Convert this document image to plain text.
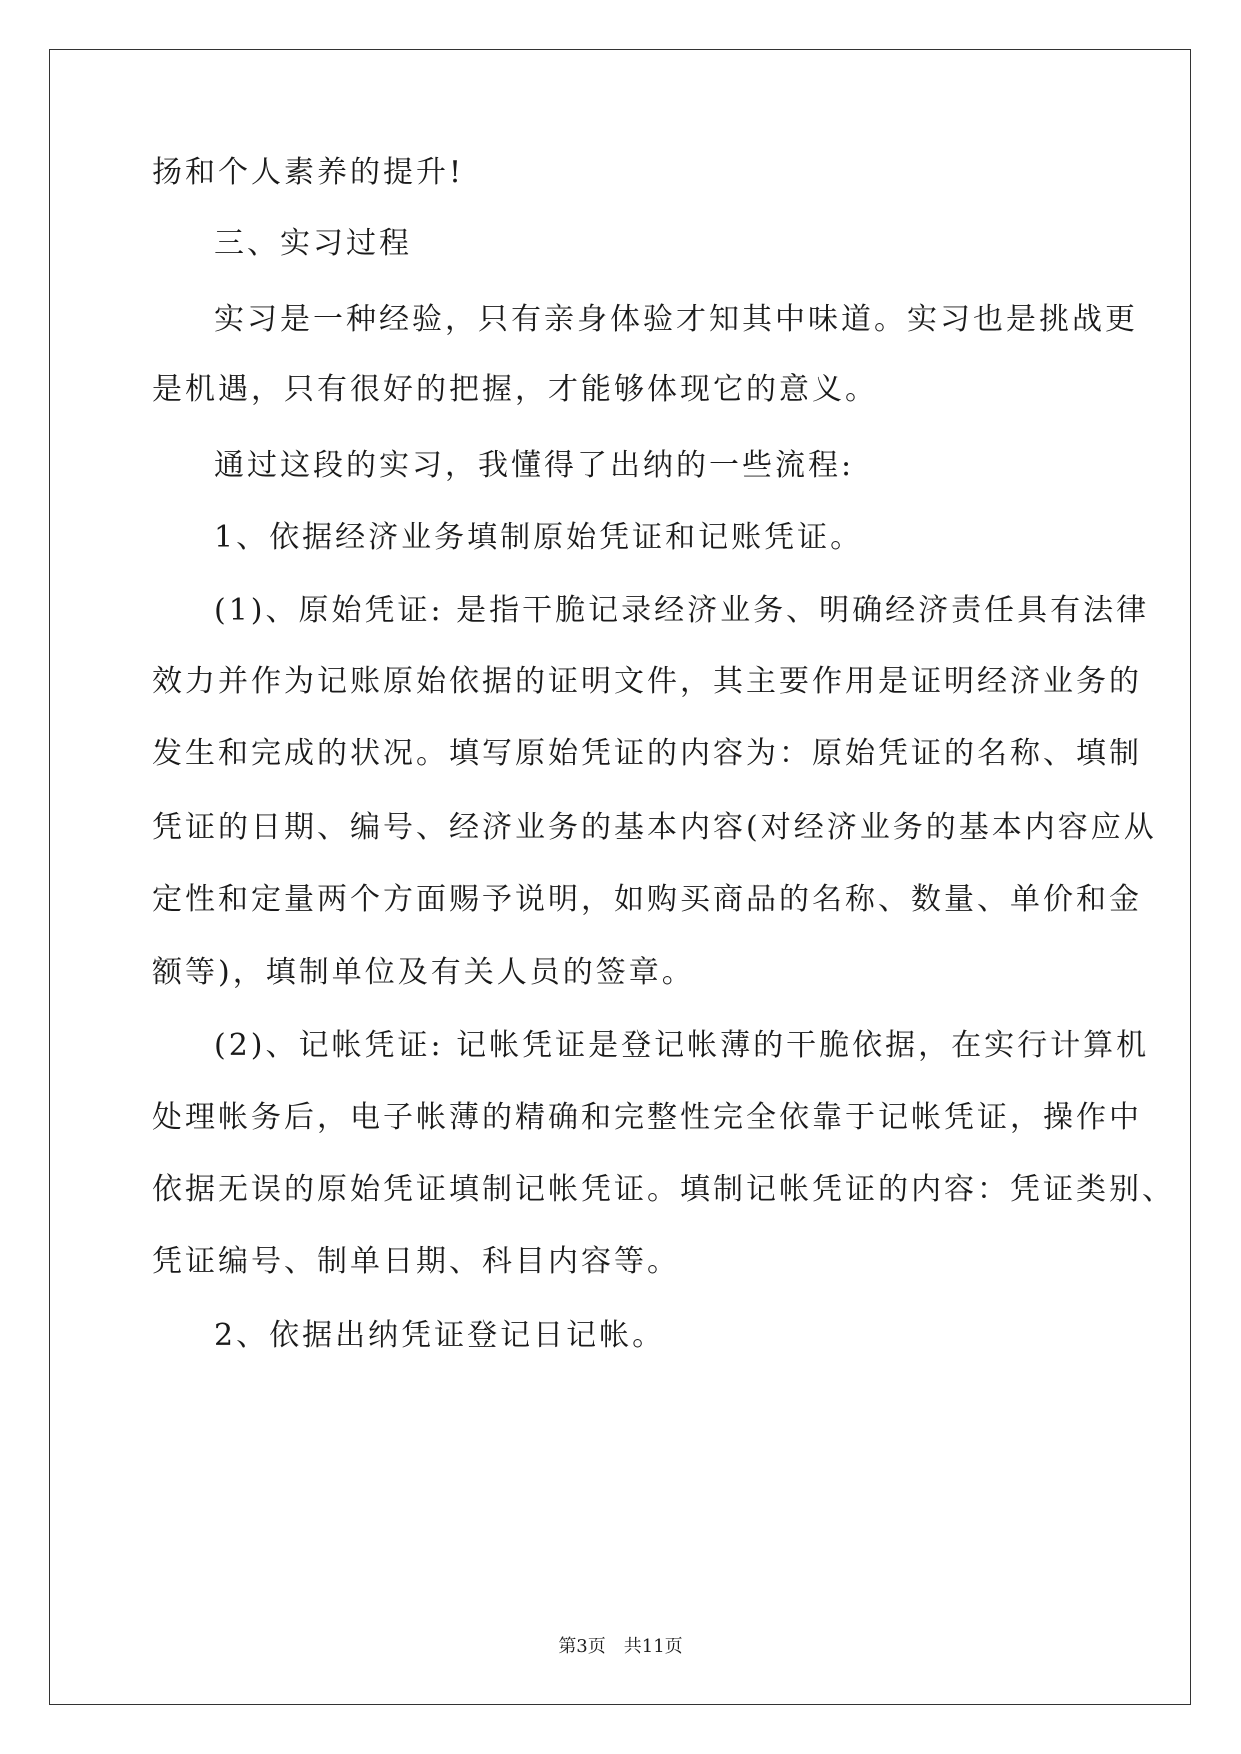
扬和个人素养的提升!
三、实习过程
实习是一种经验，只有亲身体验才知其中味道。实习也是挑战更
是机遇，只有很好的把握，才能够体现它的意义。
通过这段的实习，我懂得了出纳的一些流程:
1、依据经济业务填制原始凭证和记账凭证。
(1)、原始凭证: 是指干脆记录经济业务、明确经济责任具有法律
效力并作为记账原始依据的证明文件，其主要作用是证明经济业务的
发生和完成的状况。填写原始凭证的内容为：原始凭证的名称、填制
凭证的日期、编号、经济业务的基本内容(对经济业务的基本内容应从
定性和定量两个方面赐予说明，如购买商品的名称、数量、单价和金
额等)，填制单位及有关人员的签章。
(2)、记帐凭证: 记帐凭证是登记帐薄的干脆依据，在实行计算机
处理帐务后，电子帐薄的精确和完整性完全依靠于记帐凭证，操作中
依据无误的原始凭证填制记帐凭证。填制记帐凭证的内容：凭证类别、
凭证编号、制单日期、科目内容等。
2、依据出纳凭证登记日记帐。
第3页　共11页
